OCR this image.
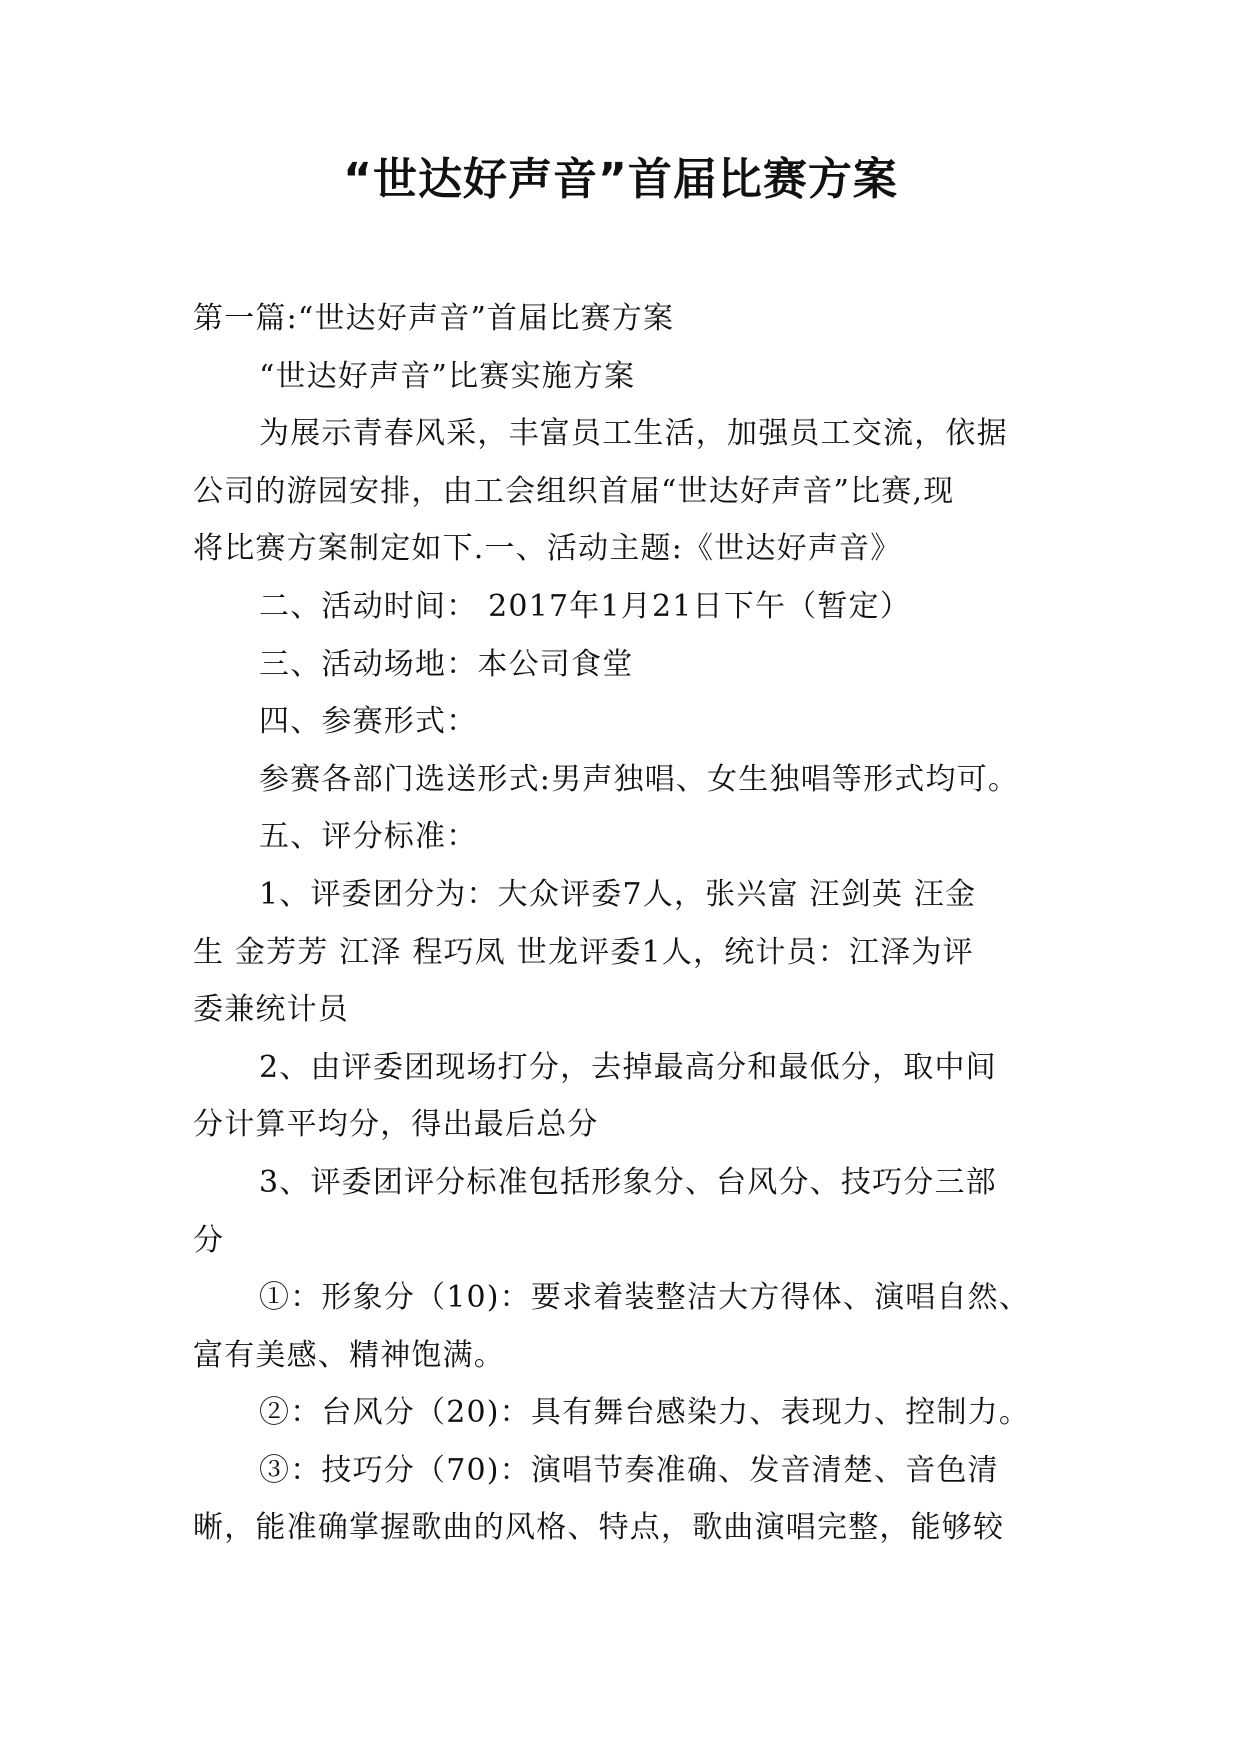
“世达好声音”首届比赛方案
第一篇:“世达好声音”首届比赛方案
“世达好声音”比赛实施方案
为展示青春风采，丰富员工生活，加强员工交流，依据
公司的游园安排，由工会组织首届“世达好声音”比赛,现
将比赛方案制定如下.一、活动主题:《世达好声音》
二、活动时间： 2017年1月21日下午（暂定）
三、活动场地：本公司食堂
四、参赛形式：
参赛各部门选送形式:男声独唱、女生独唱等形式均可。
五、评分标准：
1、评委团分为：大众评委7人，张兴富 汪剑英 汪金
生 金芳芳 江泽 程巧凤 世龙评委1人，统计员：江泽为评
委兼统计员
2、由评委团现场打分，去掉最高分和最低分，取中间
分计算平均分，得出最后总分
3、评委团评分标准包括形象分、台风分、技巧分三部
分
①：形象分（10)：要求着装整洁大方得体、演唱自然、
富有美感、精神饱满。
②：台风分（20)：具有舞台感染力、表现力、控制力。
③：技巧分（70)：演唱节奏准确、发音清楚、音色清
晰，能准确掌握歌曲的风格、特点，歌曲演唱完整，能够较
